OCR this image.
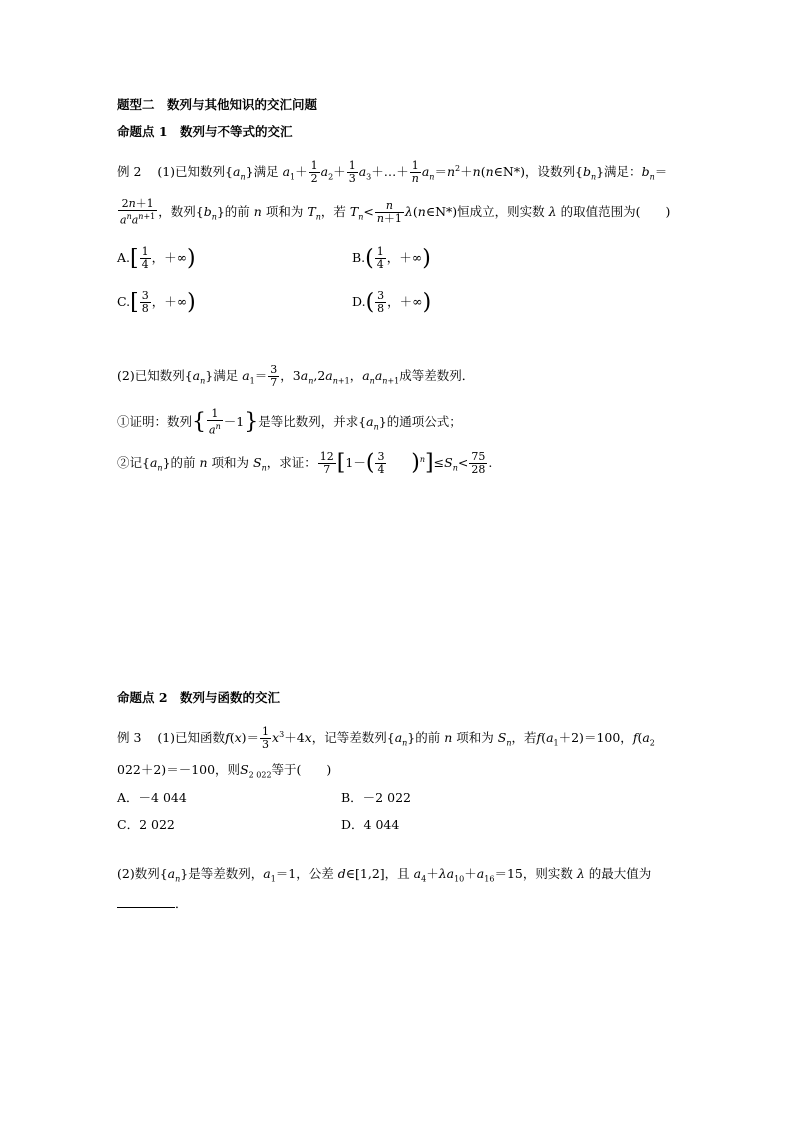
题型二　数列与其他知识的交汇问题
命题点 1　数列与不等式的交汇
例 2 (1)已知数列$\{a_n\}$满足 $a_1+ \frac{1}{2} a_2+ \frac{1}{3}$ $a_3+\dots+ \frac{1}{n}$ $a_n=n^2+n(n\in N*)$，设数列$\{b_n\}$满足：$b_n=$
$\frac{2n+1}{a^na^{n+1}}$ ，数列$\{b_n\}$的前 n 项和为 $T_n$，若 $T_n< \frac{n}{n+1}$ λ(n∈N*)恒成立，则实数 λ 的取值范围为(　　)
$A.[ \frac{1}{4}$ ，＋∞)	$B.( \frac{1}{4}$ ，＋∞)
$C.[ \frac{3}{8}$ ，＋∞)	$D.( \frac{3}{8}$ ，＋∞)
(2)已知数列$\{a_n\}$满足 $a_1= \frac{3}{7}$ ，$3a_n,2a_{n+1}$，$a_na_{n+1}$成等差数列．
①证明：数列{ $\frac{1}{a^n} -1$}是等比数列，并求$\{a_n\}$的通项公式；
②记$\{a_n\}$的前 n 项和为 $S_n$，求证： $\frac{12}{7} [1-( \frac{3}{4} )^n]\le S_n< \frac{75}{28}$ .
命题点 2　数列与函数的交汇
例 3 (1)已知函数$f(x)= \frac{1}{3} x^3+4x$，记等差数列$\{a_n\}$的前 n 项和为 $S_n$，若$f(a_1+2)=100$，$f(a_2$
022＋2)＝－100，则$S_{2 022}$等于(　　)
A．－4 044	B．－2 022
C．2 022	D．4 044
(2)数列$\{a_n\}$是等差数列，$a_1=1$，公差 d∈[1,2]，且 $a_4+\lambda a_{10}+a_{16}=15$，则实数 λ 的最大值为
．
